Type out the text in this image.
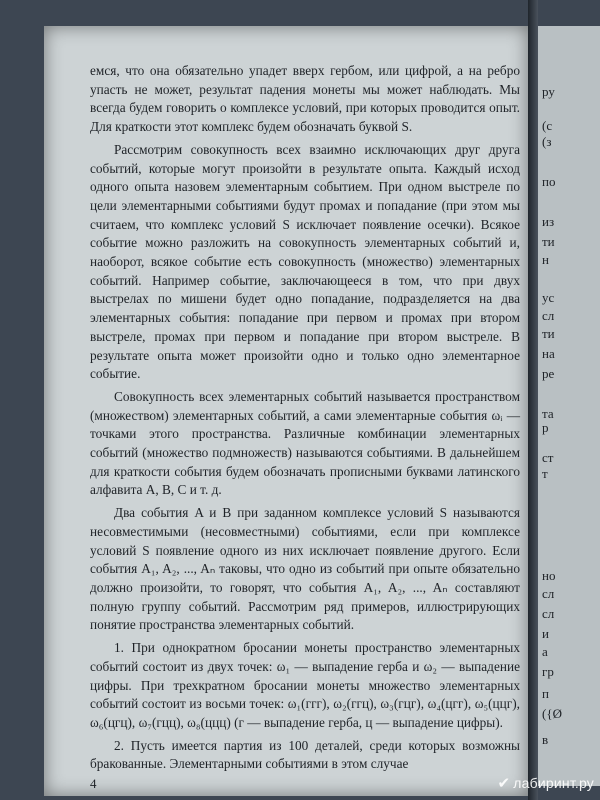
емся, что она обязательно упадет вверх гербом, или цифрой, а на ребро упасть не может, результат падения монеты мы может наблюдать. Мы всегда будем говорить о комплексе условий, при которых проводится опыт. Для краткости этот комплекс будем обозначать буквой S.

Рассмотрим совокупность всех взаимно исключающих друг друга событий, которые могут произойти в результате опыта. Каждый исход одного опыта назовем элементарным событием. При одном выстреле по цели элементарными событиями будут промах и попадание (при этом мы считаем, что комплекс условий S исключает появление осечки). Всякое событие можно разложить на совокупность элементарных событий и, наоборот, всякое событие есть совокупность (множество) элементарных событий. Например событие, заключающееся в том, что при двух выстрелах по мишени будет одно попадание, подразделяется на два элементарных события: попадание при первом и промах при втором выстреле, промах при первом и попадание при втором выстреле. В результате опыта может произойти одно и только одно элементарное событие.

Совокупность всех элементарных событий называется пространством (множеством) элементарных событий, а сами элементарные события ωᵢ — точками этого пространства. Различные комбинации элементарных событий (множество подмножеств) называются событиями. В дальнейшем для краткости события будем обозначать прописными буквами латинского алфавита A, B, C и т. д.

Два события A и B при заданном комплексе условий S называются несовместимыми (несовместными) событиями, если при комплексе условий S появление одного из них исключает появление другого. Если события A₁, A₂, ..., Aₙ таковы, что одно из событий при опыте обязательно должно произойти, то говорят, что события A₁, A₂, ..., Aₙ составляют полную группу событий. Рассмотрим ряд примеров, иллюстрирующих понятие пространства элементарных событий.

1. При однократном бросании монеты пространство элементарных событий состоит из двух точек: ω₁ — выпадение герба и ω₂ — выпадение цифры. При трехкратном бросании монеты множество элементарных событий состоит из восьми точек: ω₁(ггг), ω₂(ггц), ω₃(гцг), ω₄(цгг), ω₅(ццг), ω₆(цгц), ω₇(гцц), ω₈(ццц) (г — выпадение герба, ц — выпадение цифры).

2. Пусть имеется партия из 100 деталей, среди которых возможны бракованные. Элементарными событиями в этом случае

4
ру
(с
(з
по
из
ти
н
ус
сл
ти
на
ре
та
р
ст
т
но
сл
сл
и
а
гр
п
({Ø
в
✔ лабиринт.ру
